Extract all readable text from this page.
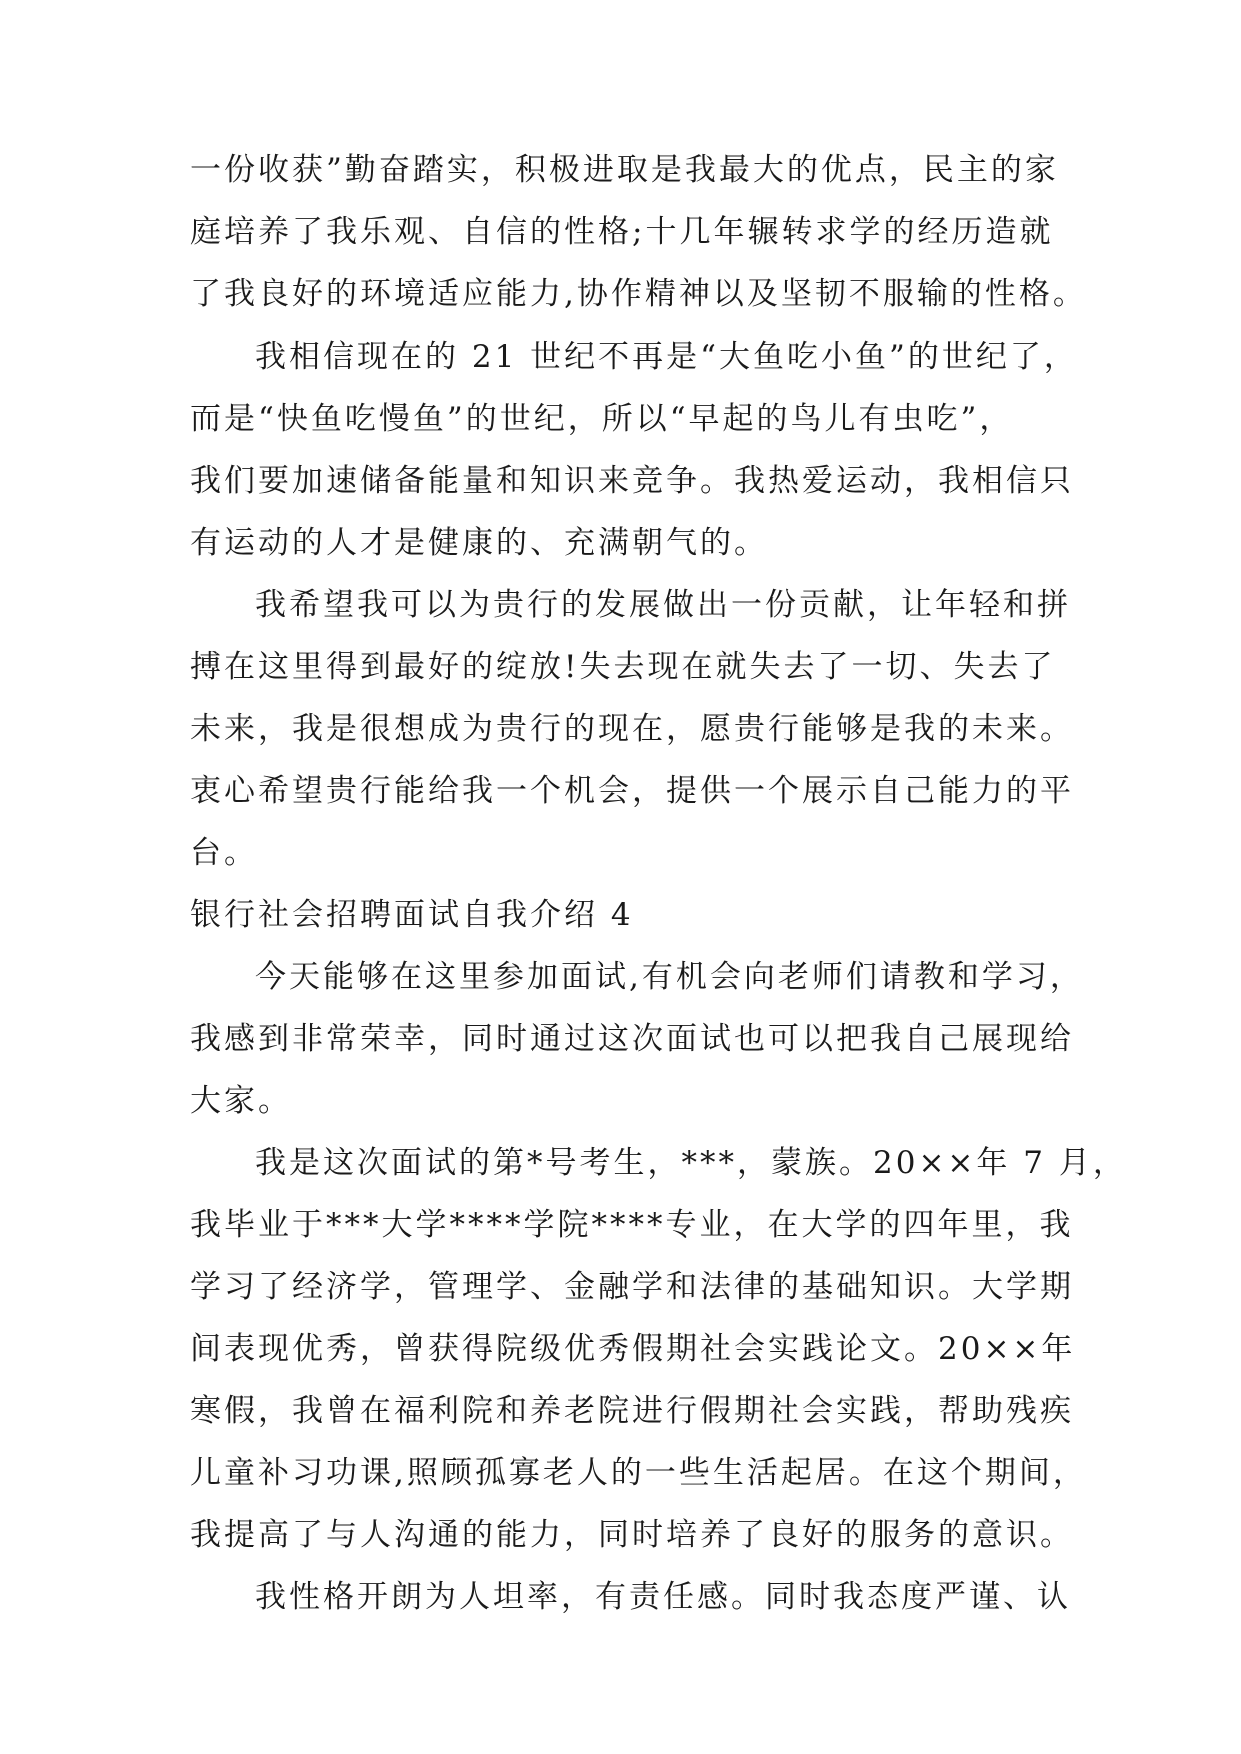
一份收获”勤奋踏实，积极进取是我最大的优点，民主的家
庭培养了我乐观、自信的性格;十几年辗转求学的经历造就
了我良好的环境适应能力,协作精神以及坚韧不服输的性格。
我相信现在的 21 世纪不再是“大鱼吃小鱼”的世纪了，
而是“快鱼吃慢鱼”的世纪，所以“早起的鸟儿有虫吃”，
我们要加速储备能量和知识来竞争。我热爱运动，我相信只
有运动的人才是健康的、充满朝气的。
我希望我可以为贵行的发展做出一份贡献，让年轻和拼
搏在这里得到最好的绽放!失去现在就失去了一切、失去了
未来，我是很想成为贵行的现在，愿贵行能够是我的未来。
衷心希望贵行能给我一个机会，提供一个展示自己能力的平
台。
银行社会招聘面试自我介绍 4
今天能够在这里参加面试,有机会向老师们请教和学习，
我感到非常荣幸，同时通过这次面试也可以把我自己展现给
大家。
我是这次面试的第*号考生，***，蒙族。20××年 7 月，
我毕业于***大学****学院****专业，在大学的四年里，我
学习了经济学，管理学、金融学和法律的基础知识。大学期
间表现优秀，曾获得院级优秀假期社会实践论文。20××年
寒假，我曾在福利院和养老院进行假期社会实践，帮助残疾
儿童补习功课,照顾孤寡老人的一些生活起居。在这个期间，
我提高了与人沟通的能力，同时培养了良好的服务的意识。
我性格开朗为人坦率，有责任感。同时我态度严谨、认
